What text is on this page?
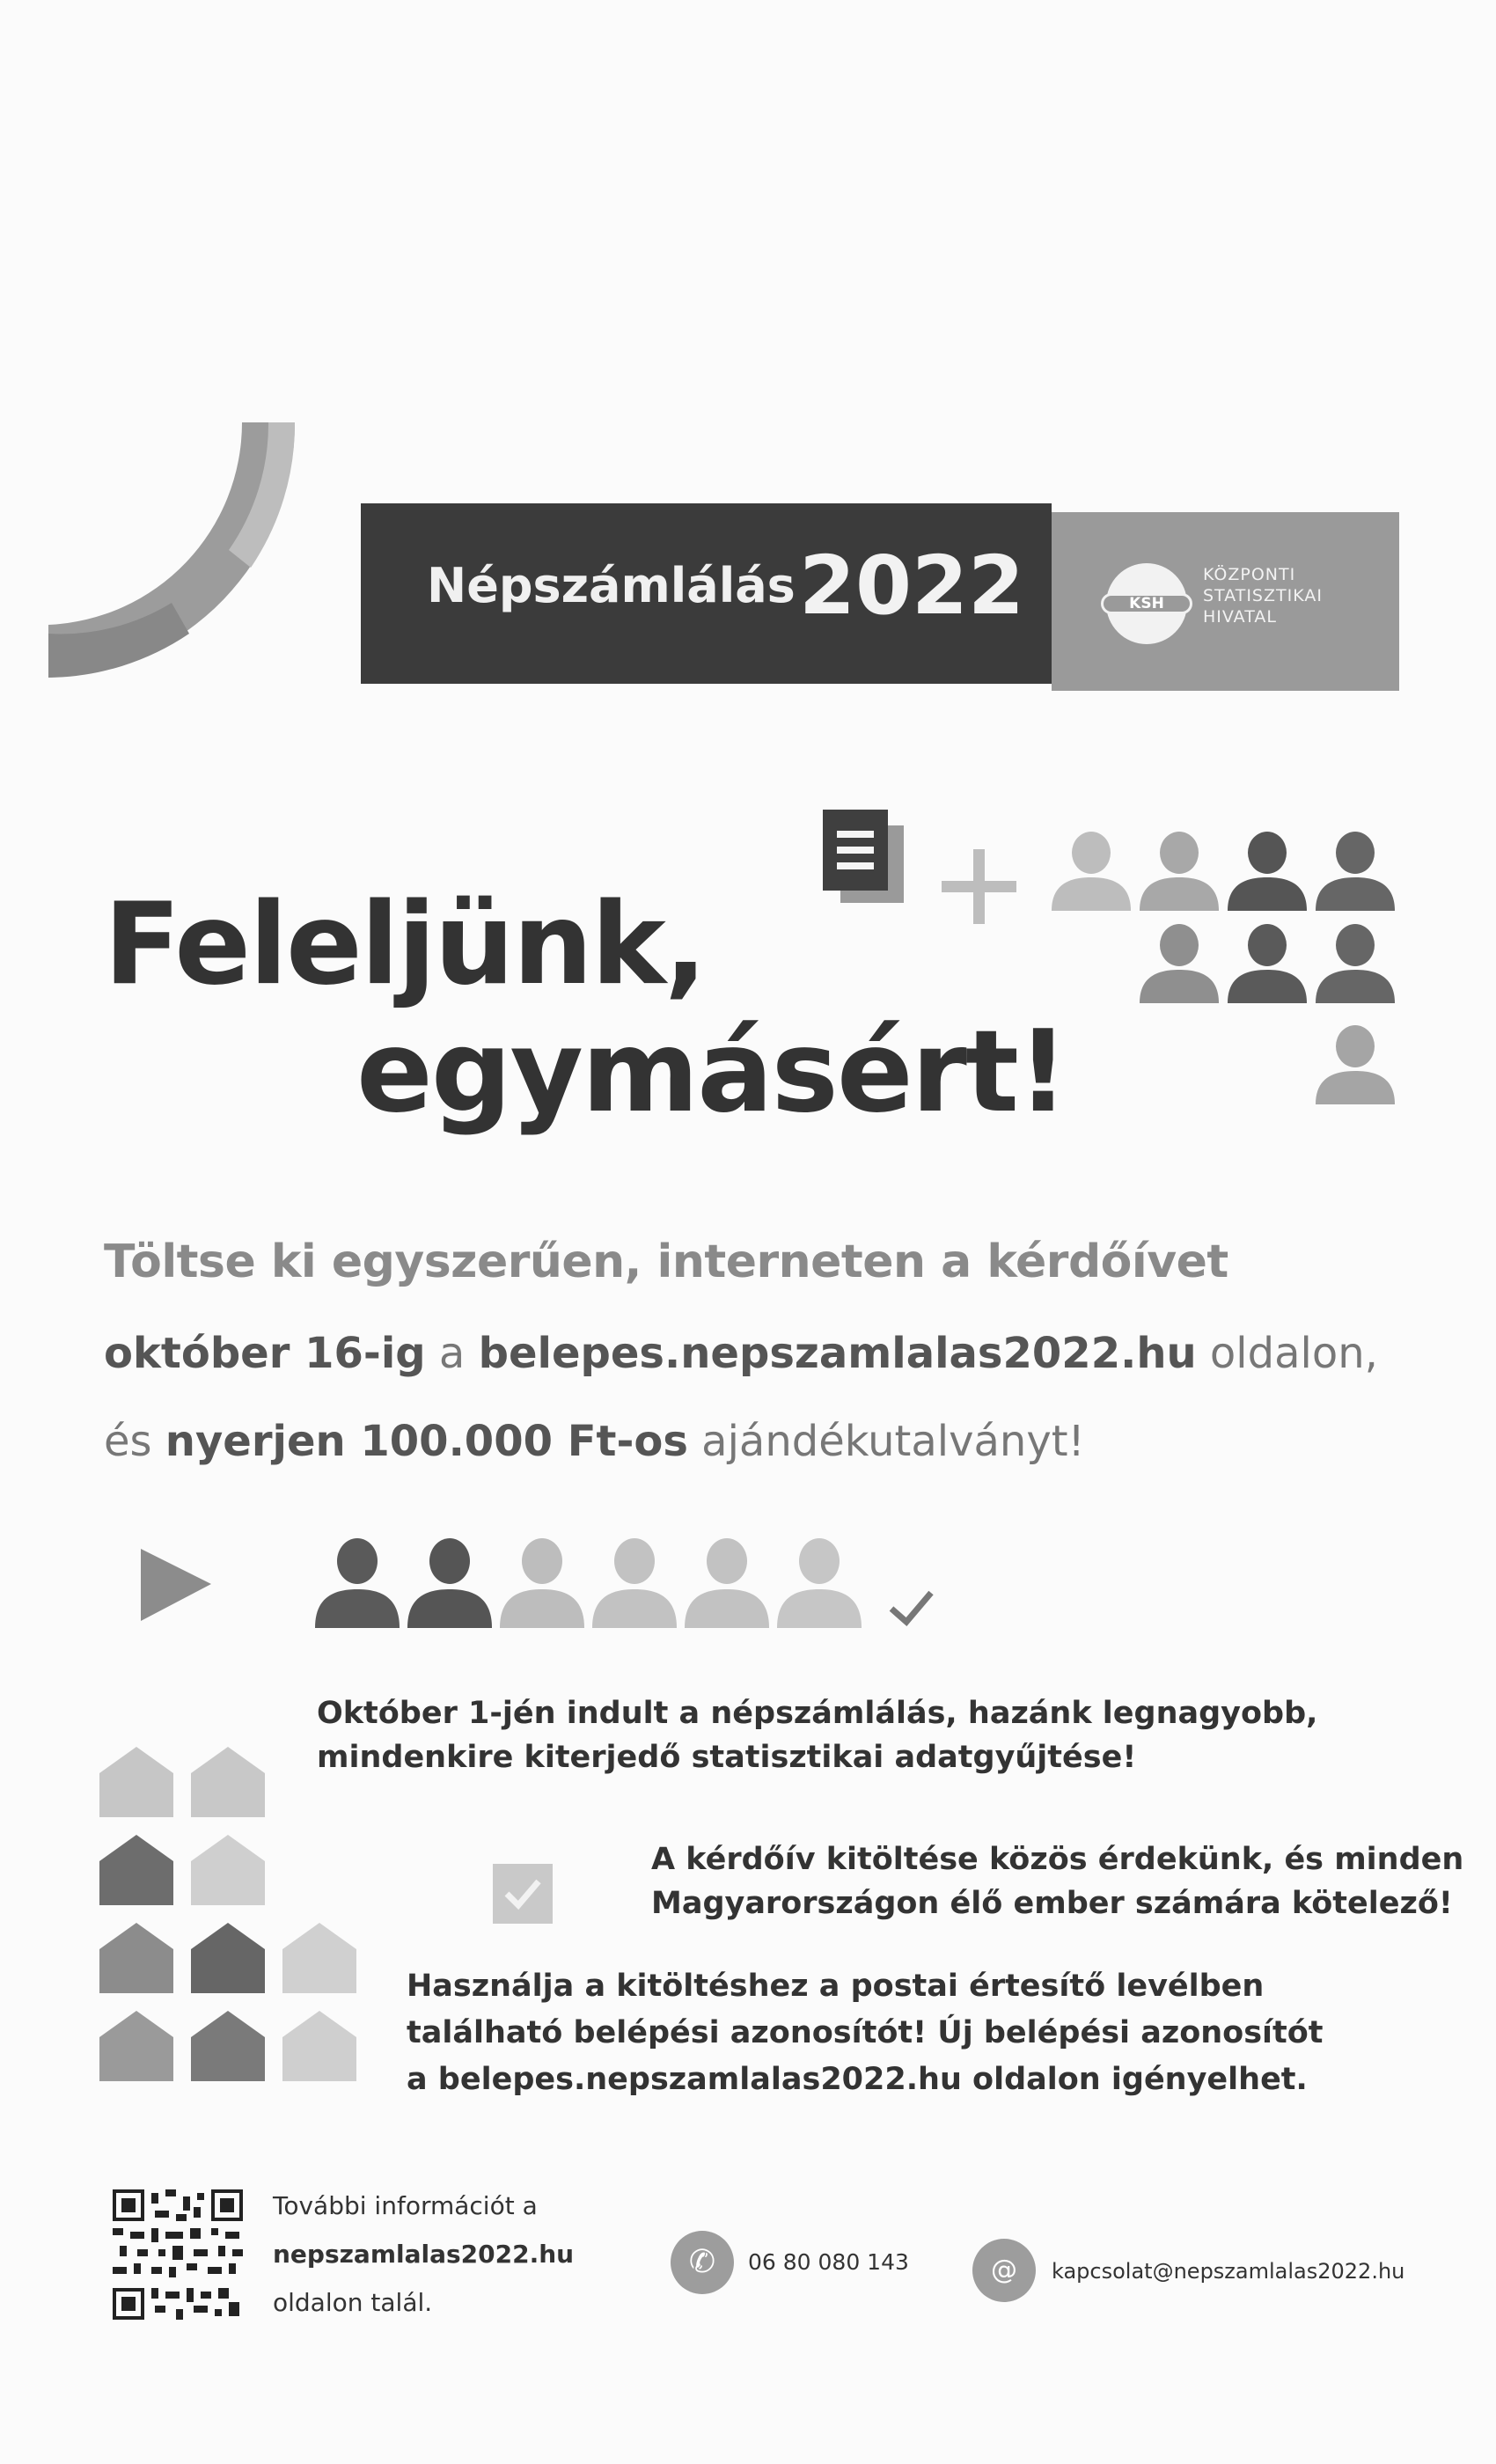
Népszámlálás 2022	KSH
KÖZPONTI
STATISZTIKAI
HIVATAL
Feleljünk,
egymásért!
Töltse ki egyszerűen, interneten a kérdőívet
október 16-ig a belepes.nepszamlalas2022.hu oldalon,
és nyerjen 100.000 Ft-os ajándékutalványt!
Október 1-jén indult a népszámlálás, hazánk legnagyobb,
mindenkire kiterjedő statisztikai adatgyűjtése!
A kérdőív kitöltése közös érdekünk, és minden
Magyarországon élő ember számára kötelező!
Használja a kitöltéshez a postai értesítő levélben
található belépési azonosítót! Új belépési azonosítót
a belepes.nepszamlalas2022.hu oldalon igényelhet.
További információt a
nepszamlalas2022.hu
oldalon talál.
✆	06 80 080 143	@	kapcsolat@nepszamlalas2022.hu
